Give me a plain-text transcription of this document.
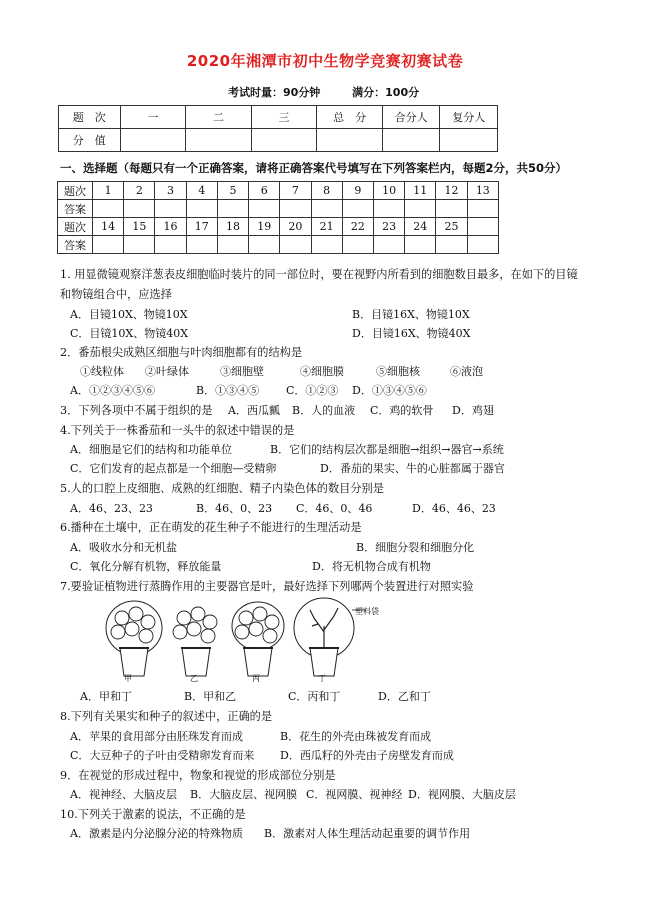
2020年湘潭市初中生物学竞赛初赛试卷
考试时量：90分钟	满分：100分
题　次	一	二	三	总　分	合分人	复分人
分　值						
一、选择题（每题只有一个正确答案，请将正确答案代号填写在下列答案栏内，每题2分，共50分）
题次	1	2	3	4	5	6	7	8	9	10	11	12	13
答案													
题次	14	15	16	17	18	19	20	21	22	23	24	25	
答案													
1. 用显微镜观察洋葱表皮细胞临时装片的同一部位时，要在视野内所看到的细胞数目最多，在如下的目镜
和物镜组合中，应选择
A．目镜10X、物镜10X	B．目镜16X、物镜10X
C．目镜10X、物镜40X	D．目镜16X、物镜40X
2．番茄根尖成熟区细胞与叶肉细胞都有的结构是
①线粒体 ②叶绿体	③细胞壁	④细胞膜	⑤细胞核	⑥液泡
A．①②③④⑤⑥	B．①③④⑤ C．①②③ D．①③④⑤⑥
3．下列各项中不属于组织的是 A．西瓜瓤 B．人的血液 C．鸡的软骨 D．鸡翅
4.下列关于一株番茄和一头牛的叙述中错误的是
A．细胞是它们的结构和功能单位	B．它们的结构层次都是细胞→组织→器官→系统
C．它们发育的起点都是一个细胞—受精卵	D．番茄的果实、牛的心脏都属于器官
5.人的口腔上皮细胞、成熟的红细胞、精子内染色体的数目分别是
A．46、23、23	B．46、0、23 C．46、0、46	D．46、46、23
6.播种在土壤中，正在萌发的花生种子不能进行的生理活动是
A．吸收水分和无机盐	B．细胞分裂和细胞分化
C．氧化分解有机物，释放能量	D．将无机物合成有机物
7.要验证植物进行蒸腾作用的主要器官是叶，最好选择下列哪两个装置进行对照实验
塑料袋
甲	乙	丙	丁
A．甲和丁	B．甲和乙	C．丙和丁	D．乙和丁
8.下列有关果实和种子的叙述中，正确的是
A．苹果的食用部分由胚珠发育而成	B．花生的外壳由珠被发育而成
C．大豆种子的子叶由受精卵发育而来 D．西瓜籽的外壳由子房壁发育而成
9．在视觉的形成过程中，物象和视觉的形成部位分别是
A．视神经、大脑皮层 B．大脑皮层、视网膜 C．视网膜、视神经 D．视网膜、大脑皮层
10.下列关于激素的说法，不正确的是
A．激素是内分泌腺分泌的特殊物质 B．激素对人体生理活动起重要的调节作用
